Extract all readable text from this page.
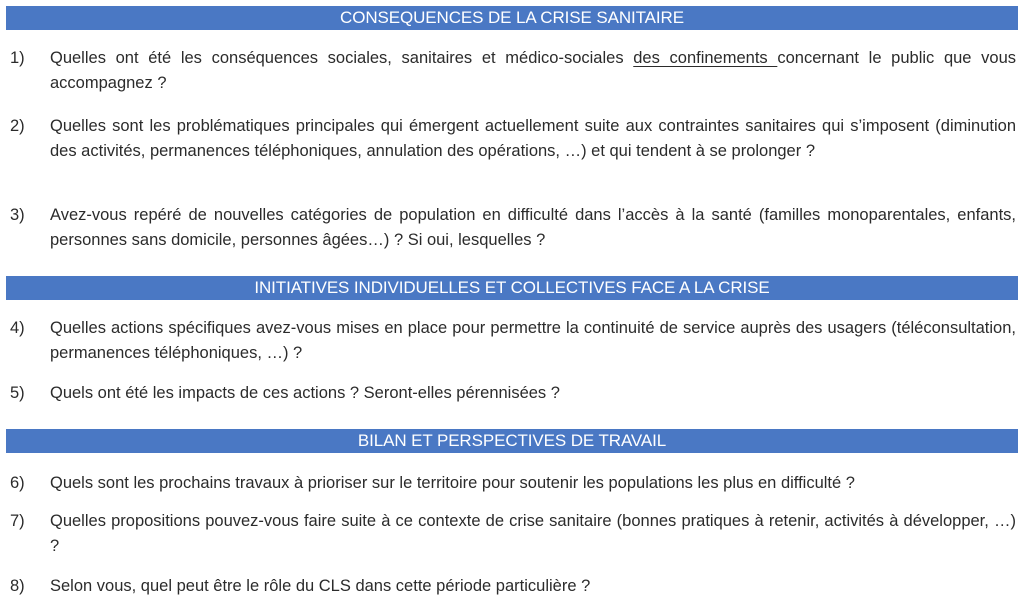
CONSEQUENCES DE LA CRISE SANITAIRE
1) Quelles ont été les conséquences sociales, sanitaires et médico-sociales des confinements concernant le public que vous accompagnez ?
2) Quelles sont les problématiques principales qui émergent actuellement suite aux contraintes sanitaires qui s’imposent (diminution des activités, permanences téléphoniques, annulation des opérations, …) et qui tendent à se prolonger ?
3) Avez-vous repéré de nouvelles catégories de population en difficulté dans l’accès à la santé (familles monoparentales, enfants, personnes sans domicile, personnes âgées…) ? Si oui, lesquelles ?
INITIATIVES INDIVIDUELLES ET COLLECTIVES FACE A LA CRISE
4) Quelles actions spécifiques avez-vous mises en place pour permettre la continuité de service auprès des usagers (téléconsultation, permanences téléphoniques, …) ?
5) Quels ont été les impacts de ces actions ? Seront-elles pérennisées ?
BILAN ET PERSPECTIVES DE TRAVAIL
6) Quels sont les prochains travaux à prioriser sur le territoire pour soutenir les populations les plus en difficulté ?
7) Quelles propositions pouvez-vous faire suite à ce contexte de crise sanitaire (bonnes pratiques à retenir, activités à développer, …) ?
8) Selon vous, quel peut être le rôle du CLS dans cette période particulière ?
